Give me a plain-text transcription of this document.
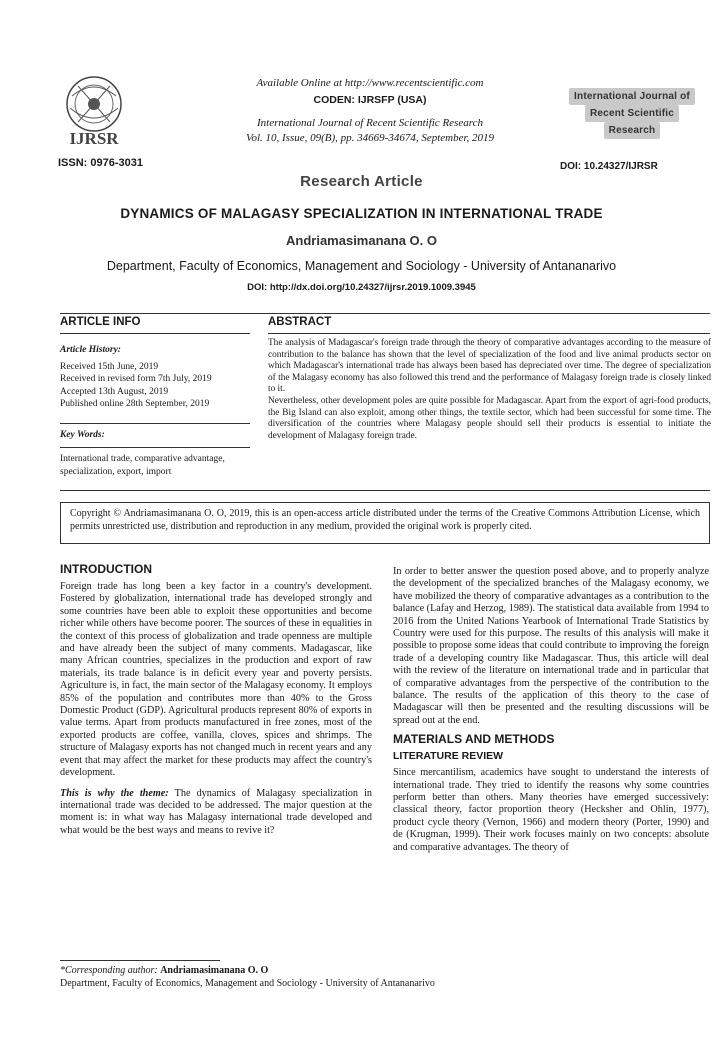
IJRSR
ISSN: 0976-3031
Available Online at http://www.recentscientific.com
CODEN: IJRSFP (USA)
International Journal of Recent Scientific Research
Vol. 10, Issue, 09(B), pp. 34669-34674, September, 2019
International Journal of
Recent Scientific
Research
DOI: 10.24327/IJRSR
Research Article
DYNAMICS OF MALAGASY SPECIALIZATION IN INTERNATIONAL TRADE
Andriamasimanana O. O
Department, Faculty of Economics, Management and Sociology - University of Antananarivo
DOI: http://dx.doi.org/10.24327/ijrsr.2019.1009.3945
ARTICLE INFO	ABSTRACT
Article History:
Received 15th June, 2019
Received in revised form 7th July, 2019
Accepted 13th August, 2019
Published online 28th September, 2019
Key Words:
International trade, comparative advantage, specialization, export, import

The analysis of Madagascar's foreign trade through the theory of comparative advantages according to the measure of contribution to the balance has shown that the level of specialization of the food and live animal products sector on which Madagascar's international trade has always been based has depreciated over time. The degree of specialization of the Malagasy economy has also followed this trend and the performance of Malagasy foreign trade is closely linked to it.

Nevertheless, other development poles are quite possible for Madagascar. Apart from the export of agri-food products, the Big Island can also exploit, among other things, the textile sector, which had been successful for some time. The diversification of the countries where Malagasy people should sell their products is essential to initiate the development of Malagasy foreign trade.

Copyright © Andriamasimanana O. O, 2019, this is an open-access article distributed under the terms of the Creative Commons Attribution License, which permits unrestricted use, distribution and reproduction in any medium, provided the original work is properly cited.
INTRODUCTION

Foreign trade has long been a key factor in a country's development. Fostered by globalization, international trade has developed strongly and some countries have been able to exploit these opportunities and become richer while others have become poorer. The sources of these in equalities in the context of this process of globalization and trade openness are multiple and have already been the subject of many comments. Madagascar, like many African countries, specializes in the production and export of raw materials, its trade balance is in deficit every year and poverty persists. Agriculture is, in fact, the main sector of the Malagasy economy. It employs 85% of the population and contributes more than 40% to the Gross Domestic Product (GDP). Agricultural products represent 80% of exports in value terms. Apart from products manufactured in free zones, most of the exported products are coffee, vanilla, cloves, spices and shrimps. The structure of Malagasy exports has not changed much in recent years and any event that may affect the market for these products may affect the country's development.

This is why the theme: The dynamics of Malagasy specialization in international trade was decided to be addressed. The major question at the moment is: in what way has Malagasy international trade developed and what would be the best ways and means to revive it?

In order to better answer the question posed above, and to properly analyze the development of the specialized branches of the Malagasy economy, we have mobilized the theory of comparative advantages as a contribution to the balance (Lafay and Herzog, 1989). The statistical data available from 1994 to 2016 from the United Nations Yearbook of International Trade Statistics by Country were used for this purpose. The results of this analysis will make it possible to propose some ideas that could contribute to improving the foreign trade of a developing country like Madagascar. Thus, this article will deal with the review of the literature on international trade and in particular that of comparative advantages from the perspective of the contribution to the balance. The results of the application of this theory to the case of Madagascar will then be presented and the resulting discussions will be spread out at the end.

MATERIALS AND METHODS
LITERATURE REVIEW

Since mercantilism, academics have sought to understand the interests of international trade. They tried to identify the reasons why some countries perform better than others. Many theories have emerged successively: classical theory, factor proportion theory (Hecksher and Ohlin, 1977), product cycle theory (Vernon, 1966) and modern theory (Porter, 1990) and de (Krugman, 1999). Their work focuses mainly on two concepts: absolute and comparative advantages. The theory of

*Corresponding author: Andriamasimanana O. O
Department, Faculty of Economics, Management and Sociology - University of Antananarivo
